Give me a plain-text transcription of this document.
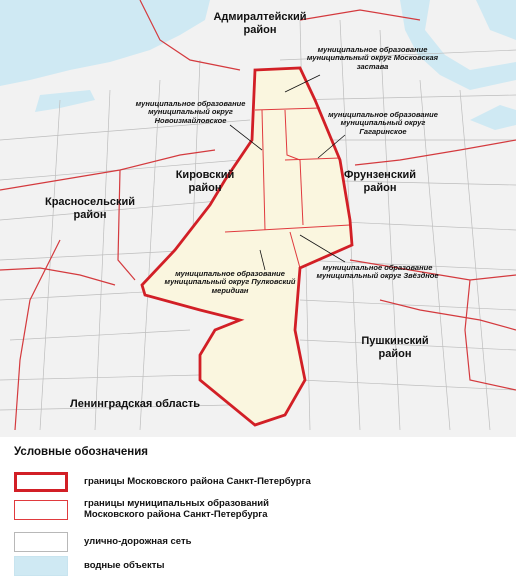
Адмиралтейский район
Кировский район
Красносельский район
Фрунзенский район
Пушкинский район
Ленинградская область
муниципальное образование муниципальный округ Московская застава
муниципальное образование муниципальный округ Новоизмайловское
муниципальное образование муниципальный округ Гагаринское
муниципальное образование муниципальный округ Пулковский меридиан
муниципальное образование муниципальный округ Звёздное
Условные обозначения
границы Московского района Санкт-Петербурга
границы муниципальных образований Московского района Санкт-Петербурга
улично-дорожная сеть
водные объекты
